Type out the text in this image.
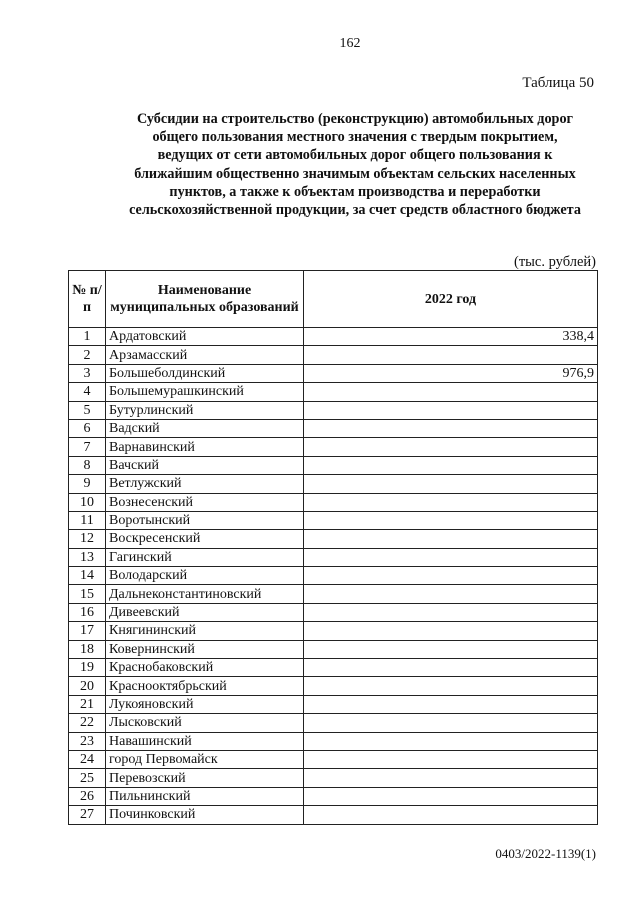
162
Таблица 50
Субсидии на строительство (реконструкцию) автомобильных дорог
общего пользования местного значения с твердым покрытием,
ведущих от сети автомобильных дорог общего пользования к
ближайшим общественно значимым объектам сельских населенных
пунктов, а также к объектам производства и переработки
сельскохозяйственной продукции, за счет средств областного бюджета
(тыс. рублей)
№ п/п	Наименование муниципальных образований	2022 год
1	Ардатовский	338,4
2	Арзамасский	
3	Большеболдинский	976,9
4	Большемурашкинский	
5	Бутурлинский	
6	Вадский	
7	Варнавинский	
8	Вачский	
9	Ветлужский	
10	Вознесенский	
11	Воротынский	
12	Воскресенский	
13	Гагинский	
14	Володарский	
15	Дальнеконстантиновский	
16	Дивеевский	
17	Княгининский	
18	Ковернинский	
19	Краснобаковский	
20	Краснооктябрьский	
21	Лукояновский	
22	Лысковский	
23	Навашинский	
24	город Первомайск	
25	Перевозский	
26	Пильнинский	
27	Починковский	
0403/2022-1139(1)
